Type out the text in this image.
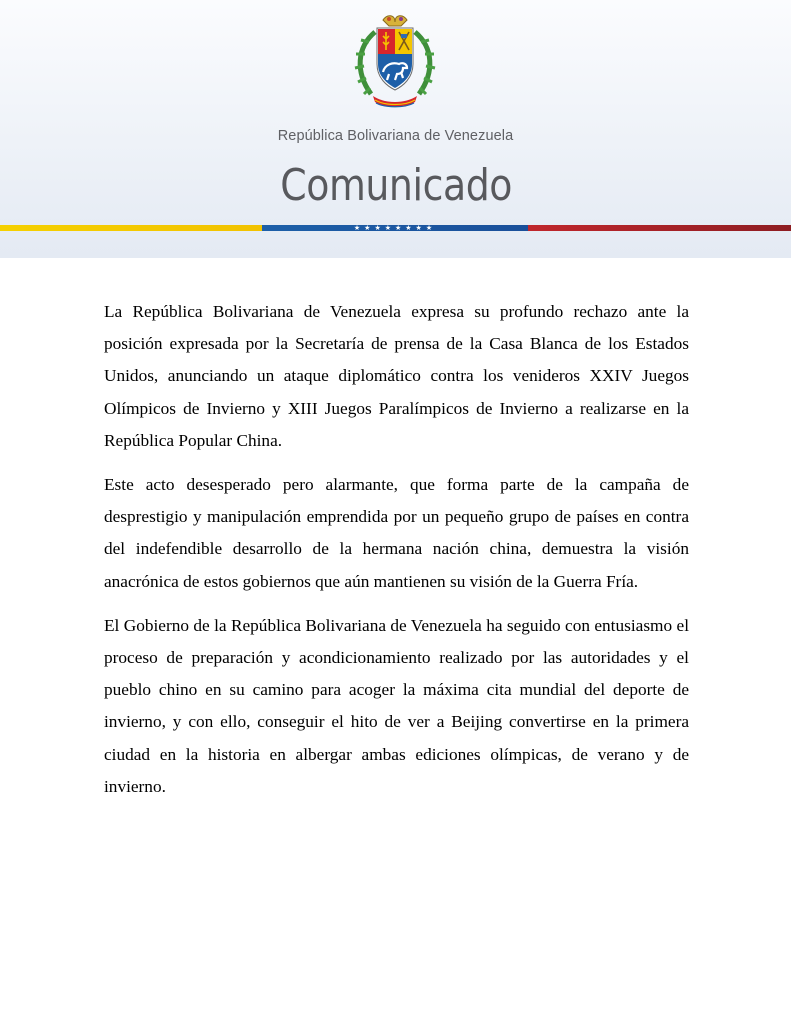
República Bolivariana de Venezuela
Comunicado
★★★★★★★★

La República Bolivariana de Venezuela expresa su profundo rechazo ante la posición expresada por la Secretaría de prensa de la Casa Blanca de los Estados Unidos, anunciando un ataque diplomático contra los venideros XXIV Juegos Olímpicos de Invierno y XIII Juegos Paralímpicos de Invierno a realizarse en la República Popular China.

Este acto desesperado pero alarmante, que forma parte de la campaña de desprestigio y manipulación emprendida por un pequeño grupo de países en contra del indefendible desarrollo de la hermana nación china, demuestra la visión anacrónica de estos gobiernos que aún mantienen su visión de la Guerra Fría.

El Gobierno de la República Bolivariana de Venezuela ha seguido con entusiasmo el proceso de preparación y acondicionamiento realizado por las autoridades y el pueblo chino en su camino para acoger la máxima cita mundial del deporte de invierno, y con ello, conseguir el hito de ver a Beijing convertirse en la primera ciudad en la historia en albergar ambas ediciones olímpicas, de verano y de invierno.
